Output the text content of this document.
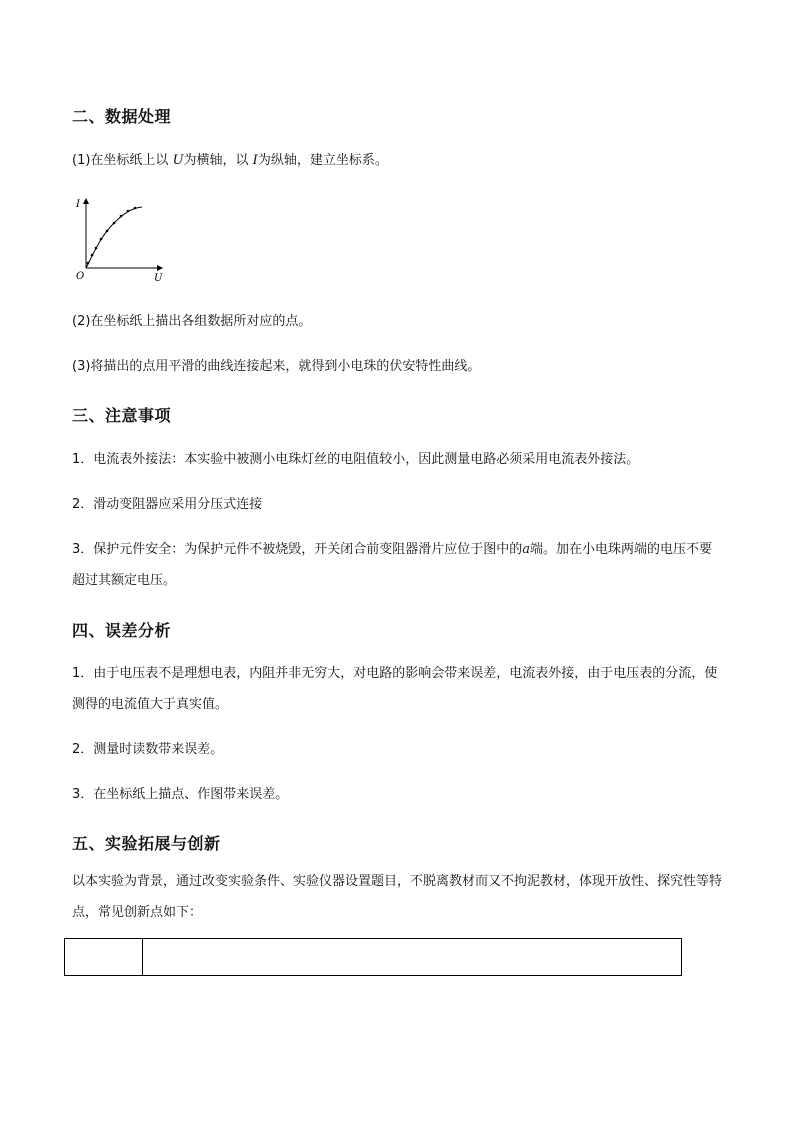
二、数据处理
(1)在坐标纸上以 U为横轴，以 I为纵轴，建立坐标系。
I
U
O
(2)在坐标纸上描出各组数据所对应的点。
(3)将描出的点用平滑的曲线连接起来，就得到小电珠的伏安特性曲线。
三、注意事项
1．电流表外接法：本实验中被测小电珠灯丝的电阻值较小，因此测量电路必须采用电流表外接法。
2．滑动变阻器应采用分压式连接
3．保护元件安全：为保护元件不被烧毁，开关闭合前变阻器滑片应位于图中的a端。加在小电珠两端的电压不要超过其额定电压。
四、误差分析
1．由于电压表不是理想电表，内阻并非无穷大，对电路的影响会带来误差，电流表外接，由于电压表的分流，使测得的电流值大于真实值。
2．测量时读数带来误差。
3．在坐标纸上描点、作图带来误差。
五、实验拓展与创新
以本实验为背景，通过改变实验条件、实验仪器设置题目，不脱离教材而又不拘泥教材，体现开放性、探究性等特点，常见创新点如下：
